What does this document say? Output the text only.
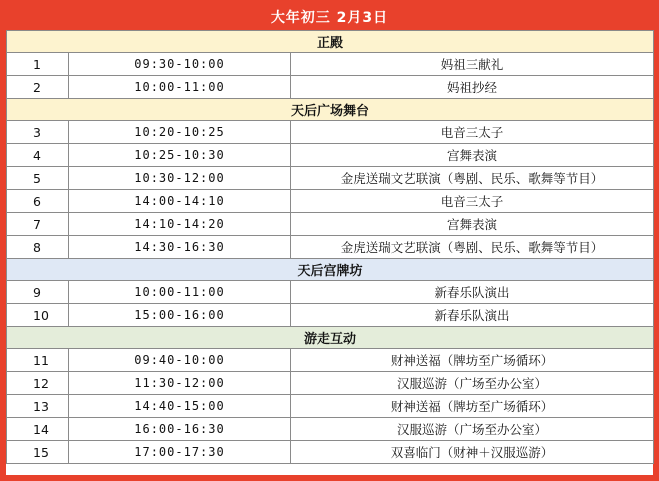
大年初三 2月3日
正殿		
1	09:30-10:00	妈祖三献礼
2	10:00-11:00	妈祖抄经
天后广场舞台		
3	10:20-10:25	电音三太子
4	10:25-10:30	宫舞表演
5	10:30-12:00	金虎送瑞文艺联演（粤剧、民乐、歌舞等节目）
6	14:00-14:10	电音三太子
7	14:10-14:20	宫舞表演
8	14:30-16:30	金虎送瑞文艺联演（粤剧、民乐、歌舞等节目）
天后宫牌坊		
9	10:00-11:00	新春乐队演出
10	15:00-16:00	新春乐队演出
游走互动		
11	09:40-10:00	财神送福（牌坊至广场循环）
12	11:30-12:00	汉服巡游（广场至办公室）
13	14:40-15:00	财神送福（牌坊至广场循环）
14	16:00-16:30	汉服巡游（广场至办公室）
15	17:00-17:30	双喜临门（财神＋汉服巡游）
